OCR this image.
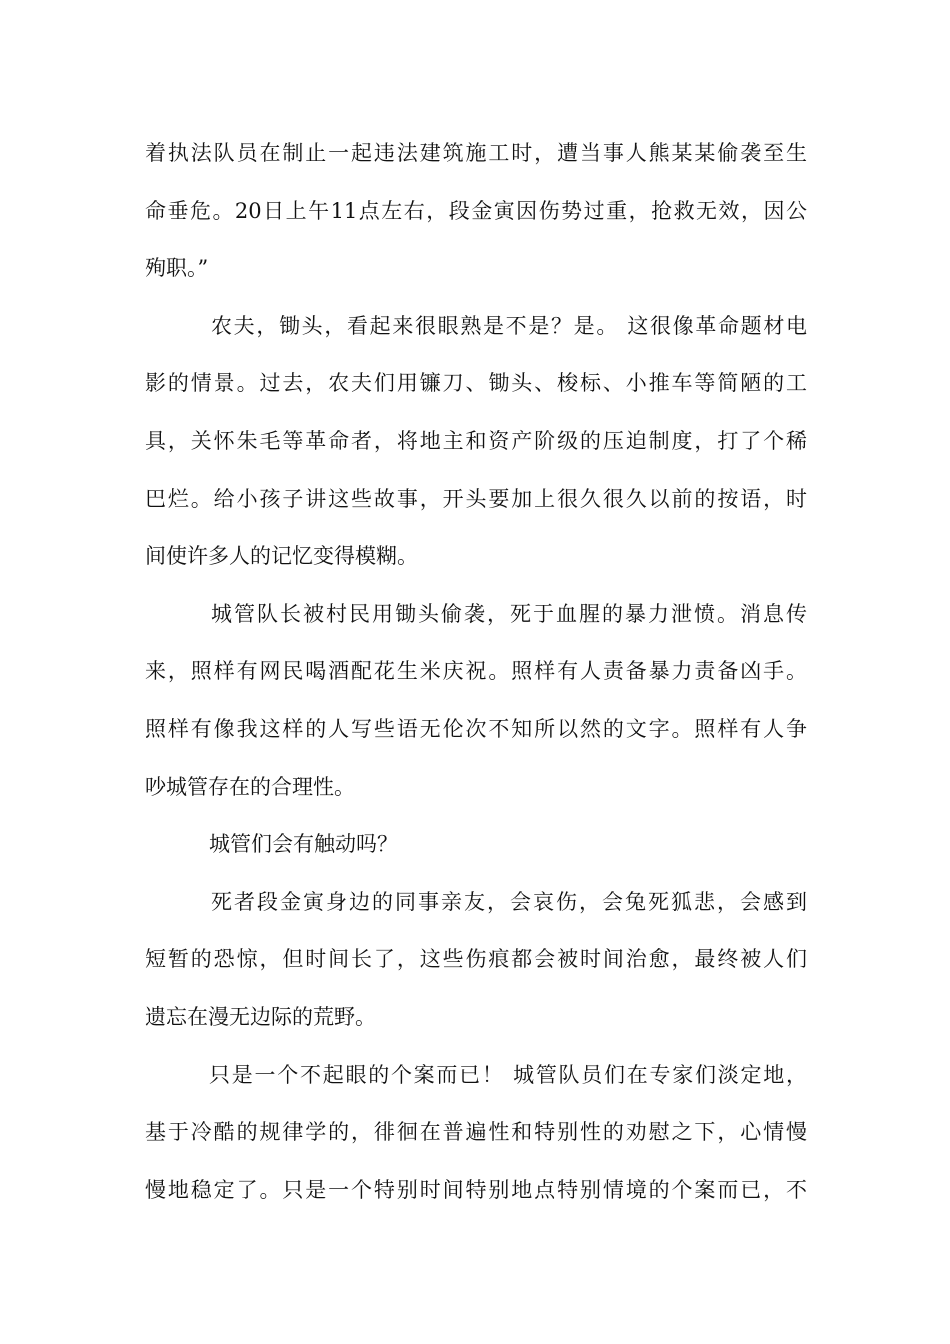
着执法队员在制止一起违法建筑施工时，遭当事人熊某某偷袭至生
命垂危。20日上午11点左右，段金寅因伤势过重，抢救无效，因公
殉职。”
农夫，锄头，看起来很眼熟是不是？是。 这很像革命题材电
影的情景。过去，农夫们用镰刀、锄头、梭标、小推车等简陋的工
具，关怀朱毛等革命者，将地主和资产阶级的压迫制度，打了个稀
巴烂。给小孩子讲这些故事，开头要加上很久很久以前的按语，时
间使许多人的记忆变得模糊。
城管队长被村民用锄头偷袭，死于血腥的暴力泄愤。消息传
来，照样有网民喝酒配花生米庆祝。照样有人责备暴力责备凶手。
照样有像我这样的人写些语无伦次不知所以然的文字。照样有人争
吵城管存在的合理性。
城管们会有触动吗？
死者段金寅身边的同事亲友，会哀伤，会兔死狐悲，会感到
短暂的恐惊，但时间长了，这些伤痕都会被时间治愈，最终被人们
遗忘在漫无边际的荒野。
只是一个不起眼的个案而已！ 城管队员们在专家们淡定地，
基于冷酷的规律学的，徘徊在普遍性和特别性的劝慰之下，心情慢
慢地稳定了。只是一个特别时间特别地点特别情境的个案而已，不
